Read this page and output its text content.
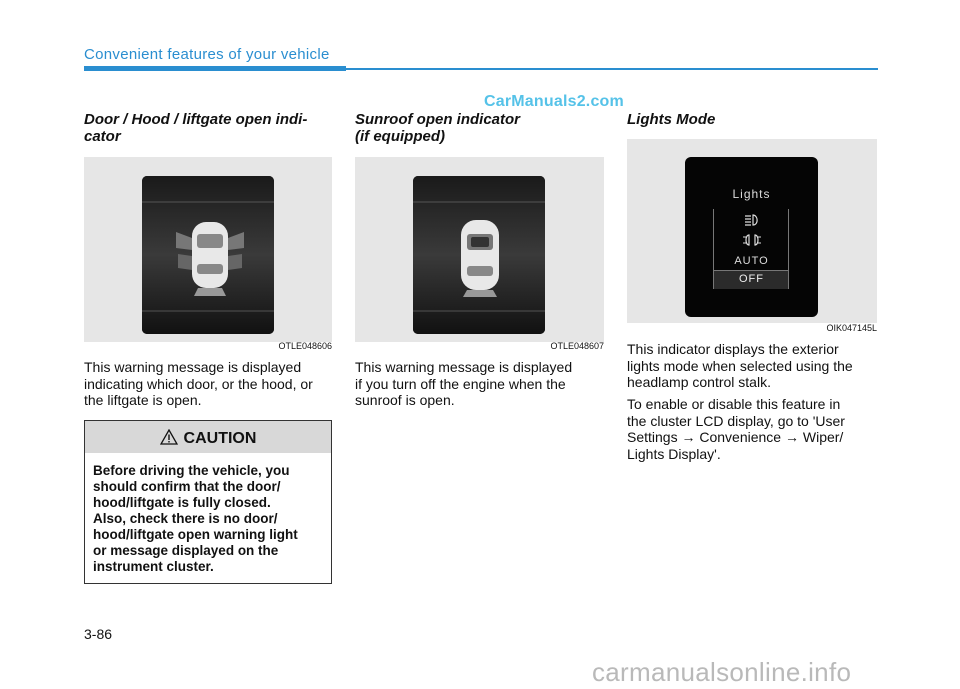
Convenient features of your vehicle
CarManuals2.com
Door / Hood / liftgate open indi-
cator
OTLE048606
This warning message is displayed
indicating which door, or the hood, or
the liftgate is open.
CAUTION
Before driving the vehicle, you
should confirm that the door/
hood/liftgate is fully closed.
Also, check there is no door/
hood/liftgate open warning light
or message displayed on the
instrument cluster.
Sunroof open indicator
(if equipped)
OTLE048607
This warning message is displayed
if you turn off the engine when the
sunroof is open.
Lights Mode
Lights
AUTO
OFF
OIK047145L
This indicator displays the exterior
lights mode when selected using the
headlamp control stalk.
To enable or disable this feature in
the cluster LCD display, go to 'User
Settings → Convenience → Wiper/
Lights Display'.
3-86
carmanualsonline.info
